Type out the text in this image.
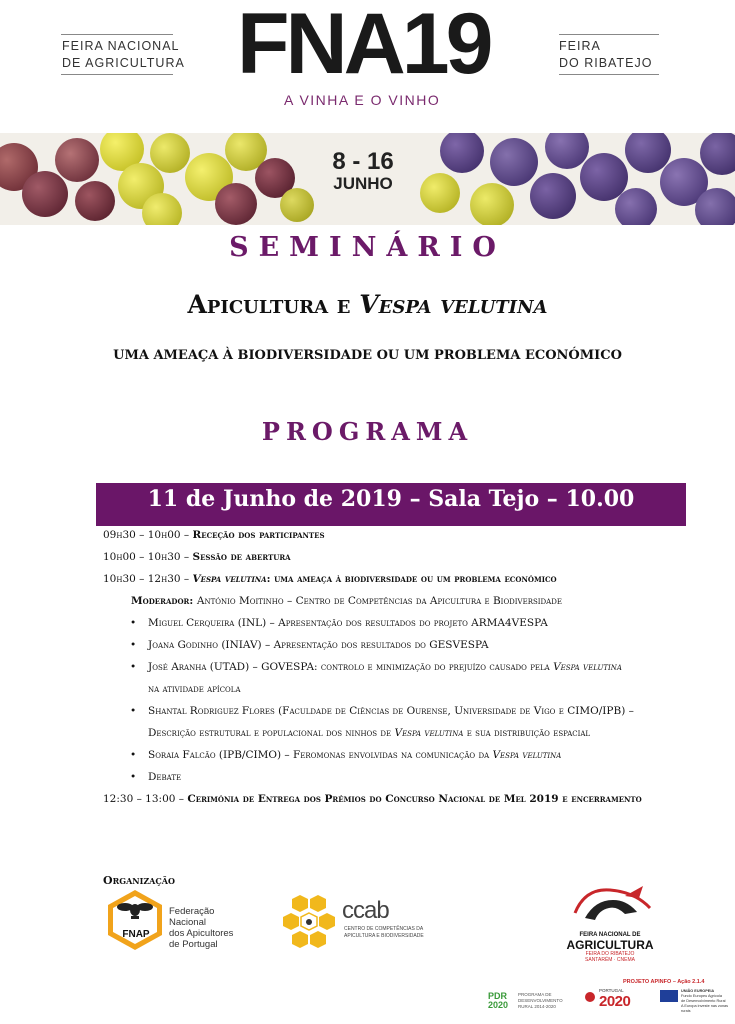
FEIRA NACIONAL
DE AGRICULTURA FNA19
A VINHA E O VINHO
FEIRA
DO RIBATEJO
8 - 16
JUNHO
SEMINÁRIO
Apicultura e Vespa velutina
UMA AMEAÇA À BIODIVERSIDADE OU UM PROBLEMA ECONÓMICO
PROGRAMA
11 de Junho de 2019 – Sala Tejo – 10.00
09h30 – 10h00 – Receção dos participantes
10h00 – 10h30 – Sessão de abertura
10h30 – 12h30 – Vespa velutina: uma ameaça à biodiversidade ou um problema económico
Moderador: António Moitinho – Centro de Competências da Apicultura e Biodiversidade
• Miguel Cerqueira (INL) – Apresentação dos resultados do projeto ARMA4VESPA
• Joana Godinho (INIAV) – Apresentação dos resultados do GESVESPA
• José Aranha (UTAD) – GOVESPA: controlo e minimização do prejuízo causado pela Vespa velutina
na atividade apícola
• Shantal Rodriguez Flores (Faculdade de Ciências de Ourense, Universidade de Vigo e CIMO/IPB) –
Descrição estrutural e populacional dos ninhos de Vespa velutina e sua distribuição espacial
• Soraia Falcão (IPB/CIMO) – Feromonas envolvidas na comunicação da Vespa velutina
• Debate
12:30 – 13:00 – Cerimónia de Entrega dos Prémios do Concurso Nacional de Mel 2019 e encerramento
Organização
FNAP
Federação Nacional
dos Apicultores
de Portugal
ccab
CENTRO DE COMPETÊNCIAS DA
APICULTURA E BIODIVERSIDADE	FEIRA NACIONAL DE
AGRICULTURA
FEIRA DO RIBATEJO
SANTARÉM · CNEMA
PROJETO APINFO – Ação 2.1.4
PDR 2020
PROGRAMA DE
DESENVOLVIMENTO
RURAL 2014-2020
PORTUGAL
2020
UNIÃO EUROPEIA
Fundo Europeu Agrícola
de Desenvolvimento Rural
A Europa investe nas zonas rurais
